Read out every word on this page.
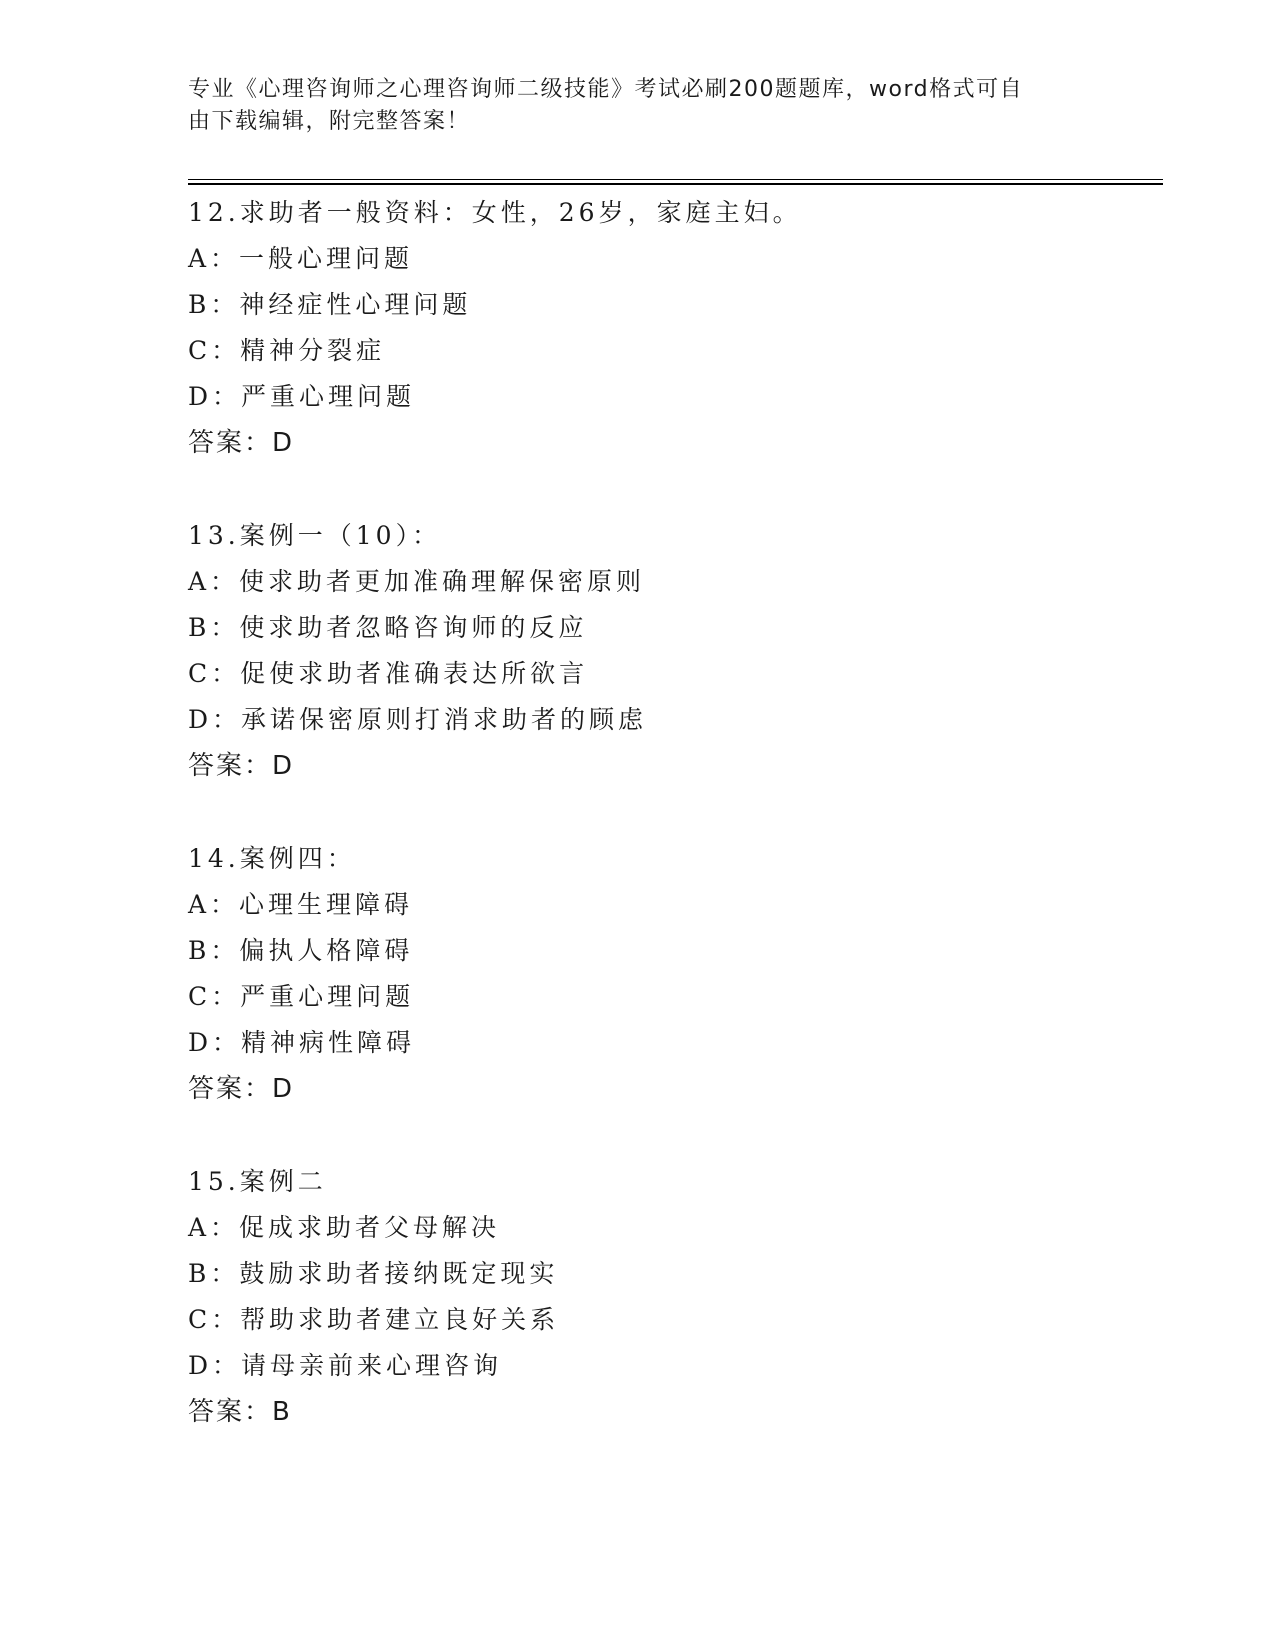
专业《心理咨询师之心理咨询师二级技能》考试必刷200题题库，word格式可自
由下载编辑，附完整答案！
12.求助者一般资料：女性，26岁，家庭主妇。
A：一般心理问题
B：神经症性心理问题
C：精神分裂症
D：严重心理问题
答案：D
13.案例一（10）：
A：使求助者更加准确理解保密原则
B：使求助者忽略咨询师的反应
C：促使求助者准确表达所欲言
D：承诺保密原则打消求助者的顾虑
答案：D
14.案例四：
A：心理生理障碍
B：偏执人格障碍
C：严重心理问题
D：精神病性障碍
答案：D
15.案例二
A：促成求助者父母解决
B：鼓励求助者接纳既定现实
C：帮助求助者建立良好关系
D：请母亲前来心理咨询
答案：B
